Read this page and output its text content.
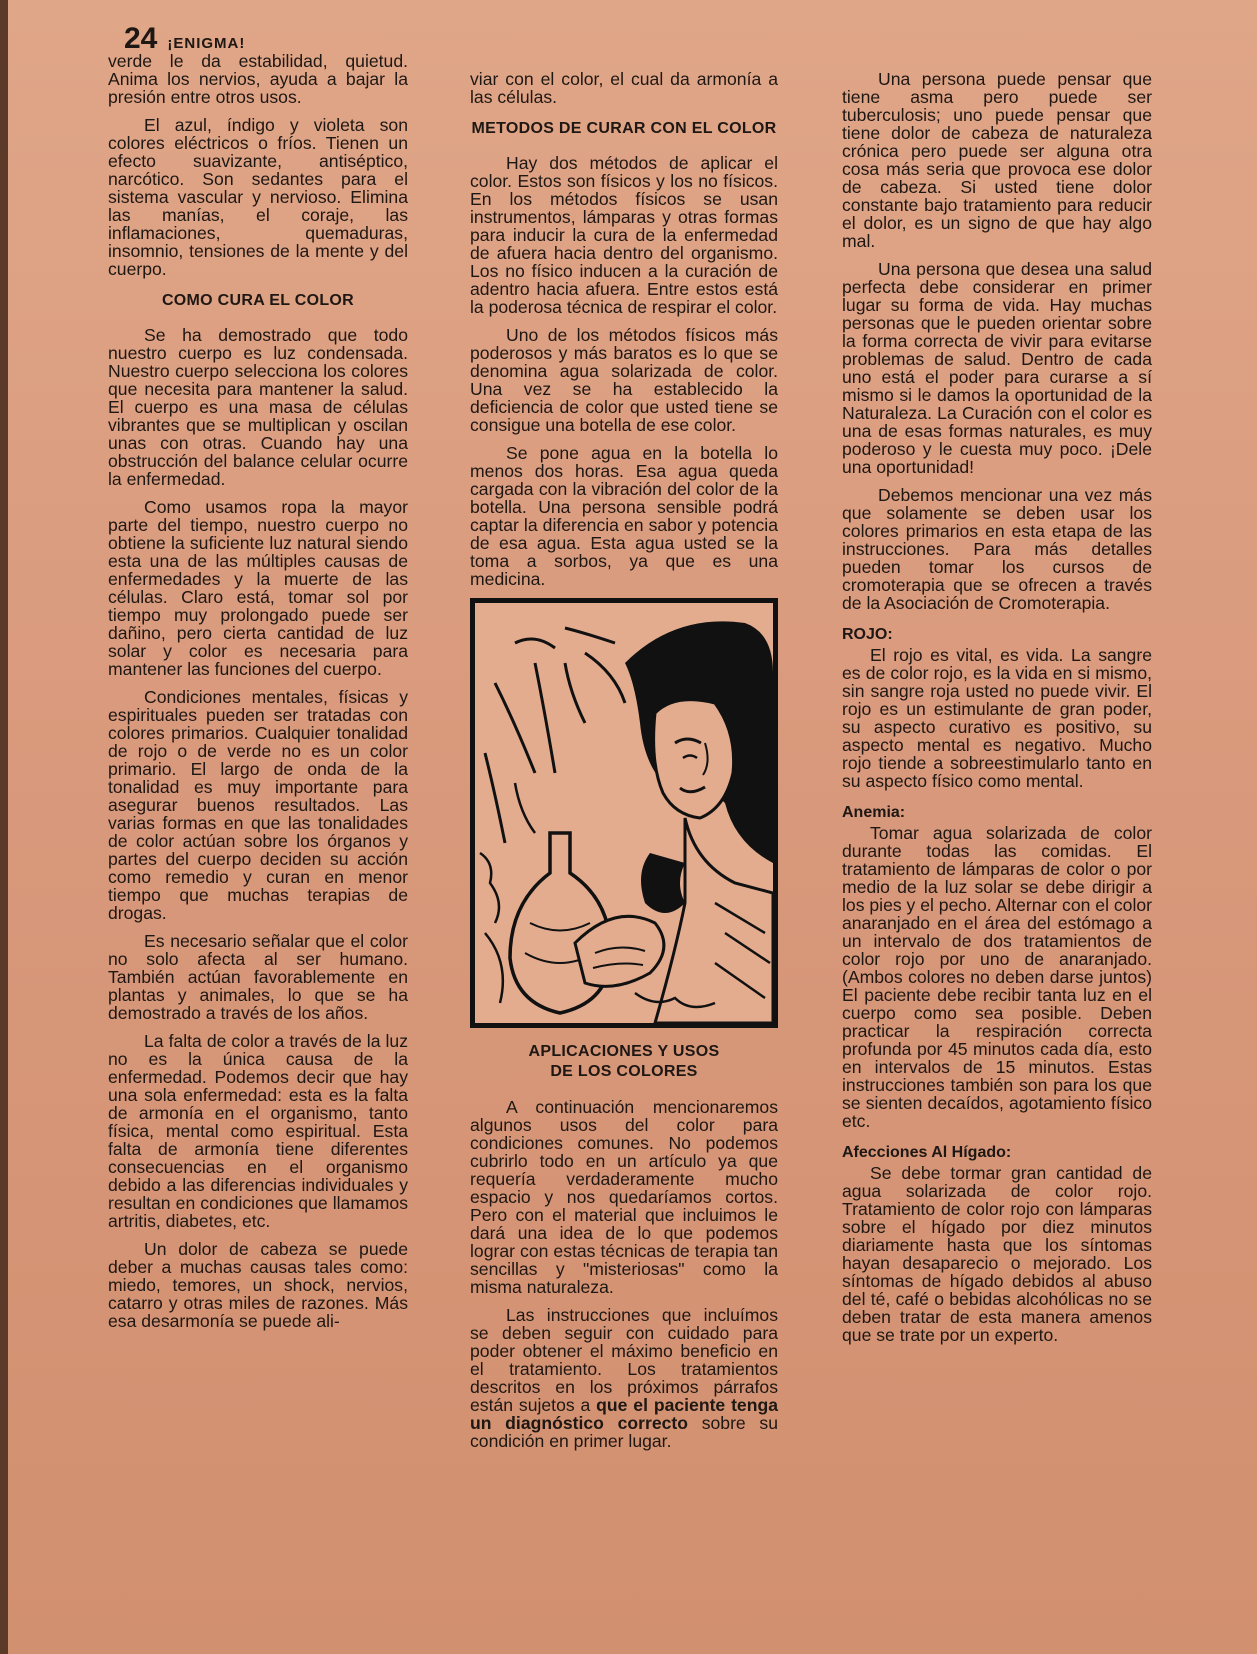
24 ¡ENIGMA!

verde le da estabilidad, quietud. Anima los nervios, ayuda a bajar la presión entre otros usos.

El azul, índigo y violeta son colores eléctricos o fríos. Tienen un efecto suavizante, antiséptico, narcótico. Son sedantes para el sistema vascular y nervioso. Elimina las manías, el coraje, las inflamaciones, quemaduras, insomnio, tensiones de la mente y del cuerpo.

COMO CURA EL COLOR

Se ha demostrado que todo nuestro cuerpo es luz condensada. Nuestro cuerpo selecciona los colores que necesita para mantener la salud. El cuerpo es una masa de células vibrantes que se multiplican y oscilan unas con otras. Cuando hay una obstrucción del balance celular ocurre la enfermedad.

Como usamos ropa la mayor parte del tiempo, nuestro cuerpo no obtiene la suficiente luz natural siendo esta una de las múltiples causas de enfermedades y la muerte de las células. Claro está, tomar sol por tiempo muy prolongado puede ser dañino, pero cierta cantidad de luz solar y color es necesaria para mantener las funciones del cuerpo.

Condiciones mentales, físicas y espirituales pueden ser tratadas con colores primarios. Cualquier tonalidad de rojo o de verde no es un color primario. El largo de onda de la tonalidad es muy importante para asegurar buenos resultados. Las varias formas en que las tonalidades de color actúan sobre los órganos y partes del cuerpo deciden su acción como remedio y curan en menor tiempo que muchas terapias de drogas.

Es necesario señalar que el color no solo afecta al ser humano. También actúan favorablemente en plantas y animales, lo que se ha demostrado a través de los años.

La falta de color a través de la luz no es la única causa de la enfermedad. Podemos decir que hay una sola enfermedad: esta es la falta de armonía en el organismo, tanto física, mental como espiritual. Esta falta de armonía tiene diferentes consecuencias en el organismo debido a las diferencias individuales y resultan en condiciones que llamamos artritis, diabetes, etc.

Un dolor de cabeza se puede deber a muchas causas tales como: miedo, temores, un shock, nervios, catarro y otras miles de razones. Más esa desarmonía se puede ali-

viar con el color, el cual da armonía a las células.

METODOS DE CURAR CON EL COLOR

Hay dos métodos de aplicar el color. Estos son físicos y los no físicos. En los métodos físicos se usan instrumentos, lámparas y otras formas para inducir la cura de la enfermedad de afuera hacia dentro del organismo. Los no físico inducen a la curación de adentro hacia afuera. Entre estos está la poderosa técnica de respirar el color.

Uno de los métodos físicos más poderosos y más baratos es lo que se denomina agua solarizada de color. Una vez se ha establecido la deficiencia de color que usted tiene se consigue una botella de ese color.

Se pone agua en la botella lo menos dos horas. Esa agua queda cargada con la vibración del color de la botella. Una persona sensible podrá captar la diferencia en sabor y potencia de esa agua. Esta agua usted se la toma a sorbos, ya que es una medicina.

APLICACIONES Y USOS
DE LOS COLORES

A continuación mencionaremos algunos usos del color para condiciones comunes. No podemos cubrirlo todo en un artículo ya que requería verdaderamente mucho espacio y nos quedaríamos cortos. Pero con el material que incluimos le dará una idea de lo que podemos lograr con estas técnicas de terapia tan sencillas y "misteriosas" como la misma naturaleza.

Las instrucciones que incluímos se deben seguir con cuidado para poder obtener el máximo beneficio en el tratamiento. Los tratamientos descritos en los próximos párrafos están sujetos a que el paciente tenga un diagnóstico correcto sobre su condición en primer lugar.

Una persona puede pensar que tiene asma pero puede ser tuberculosis; uno puede pensar que tiene dolor de cabeza de naturaleza crónica pero puede ser alguna otra cosa más seria que provoca ese dolor de cabeza. Si usted tiene dolor constante bajo tratamiento para reducir el dolor, es un signo de que hay algo mal.

Una persona que desea una salud perfecta debe considerar en primer lugar su forma de vida. Hay muchas personas que le pueden orientar sobre la forma correcta de vivir para evitarse problemas de salud. Dentro de cada uno está el poder para curarse a sí mismo si le damos la oportunidad de la Naturaleza. La Curación con el color es una de esas formas naturales, es muy poderoso y le cuesta muy poco. ¡Dele una oportunidad!

Debemos mencionar una vez más que solamente se deben usar los colores primarios en esta etapa de las instrucciones. Para más detalles pueden tomar los cursos de cromoterapia que se ofrecen a través de la Asociación de Cromoterapia.

ROJO:

El rojo es vital, es vida. La sangre es de color rojo, es la vida en si mismo, sin sangre roja usted no puede vivir. El rojo es un estimulante de gran poder, su aspecto curativo es positivo, su aspecto mental es negativo. Mucho rojo tiende a sobreestimularlo tanto en su aspecto físico como mental.

Anemia:

Tomar agua solarizada de color durante todas las comidas. El tratamiento de lámparas de color o por medio de la luz solar se debe dirigir a los pies y el pecho. Alternar con el color anaranjado en el área del estómago a un intervalo de dos tratamientos de color rojo por uno de anaranjado. (Ambos colores no deben darse juntos) El paciente debe recibir tanta luz en el cuerpo como sea posible. Deben practicar la respiración correcta profunda por 45 minutos cada día, esto en intervalos de 15 minutos. Estas instrucciones también son para los que se sienten decaídos, agotamiento físico etc.

Afecciones Al Hígado:

Se debe tormar gran cantidad de agua solarizada de color rojo. Tratamiento de color rojo con lámparas sobre el hígado por diez minutos diariamente hasta que los síntomas hayan desaparecio o mejorado. Los síntomas de hígado debidos al abuso del té, café o bebidas alcohólicas no se deben tratar de esta manera amenos que se trate por un experto.
